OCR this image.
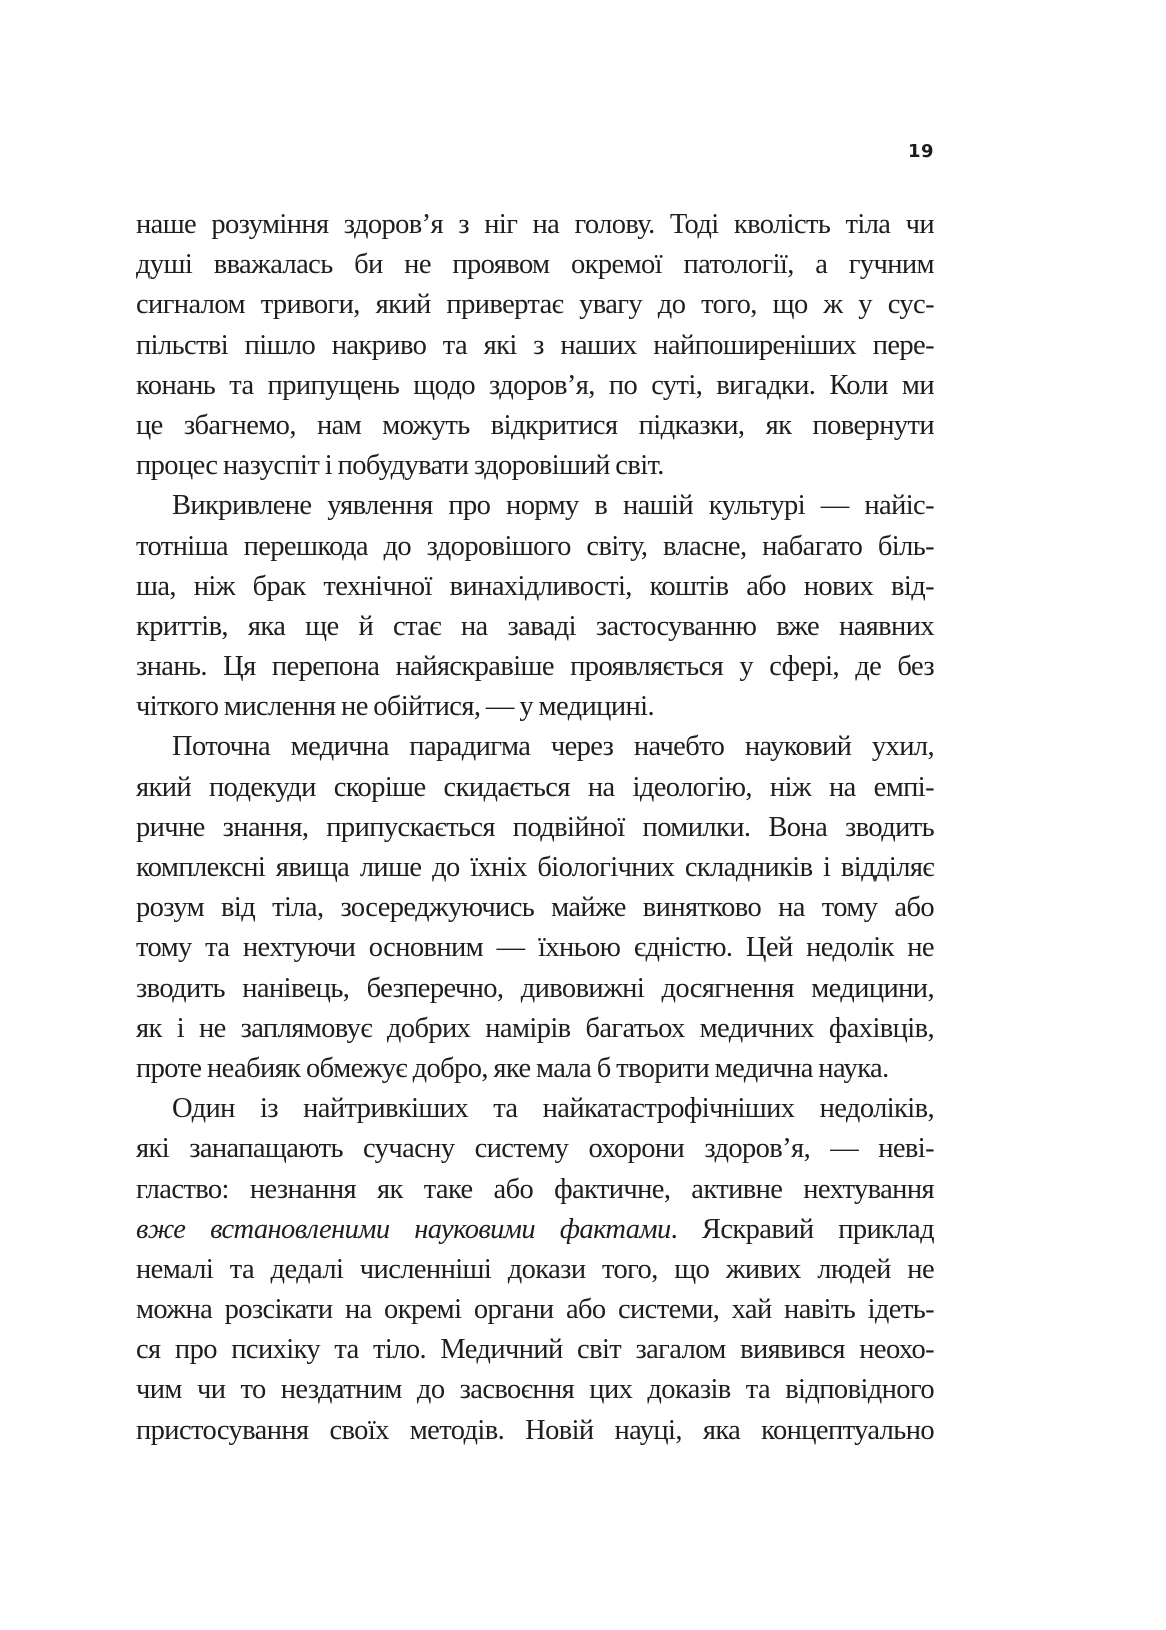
19
наше розуміння здоров’я з ніг на голову. Тоді кволість тіла чи
душі вважалась би не проявом окремої патології, а гучним
сигналом тривоги, який привертає увагу до того, що ж у сус-
пільстві пішло накриво та які з наших найпоширеніших пере-
конань та припущень щодо здоров’я, по суті, вигадки. Коли ми
це збагнемо, нам можуть відкритися підказки, як повернути
процес назуспіт і побудувати здоровіший світ.
Викривлене уявлення про норму в нашій культурі — найіс-
тотніша перешкода до здоровішого світу, власне, набагато біль-
ша, ніж брак технічної винахідливості, коштів або нових від-
криттів, яка ще й стає на заваді застосуванню вже наявних
знань. Ця перепона найяскравіше проявляється у сфері, де без
чіткого мислення не обійтися, — у медицині.
Поточна медична парадигма через начебто науковий ухил,
який подекуди скоріше скидається на ідеологію, ніж на емпі-
ричне знання, припускається подвійної помилки. Вона зводить
комплексні явища лише до їхніх біологічних складників і відділяє
розум від тіла, зосереджуючись майже винятково на тому або
тому та нехтуючи основним — їхньою єдністю. Цей недолік не
зводить нанівець, безперечно, дивовижні досягнення медицини,
як і не заплямовує добрих намірів багатьох медичних фахівців,
проте неабияк обмежує добро, яке мала б творити медична наука.
Один із найтривкіших та найкатастрофічніших недоліків,
які занапащають сучасну систему охорони здоров’я, — неві-
гластво: незнання як таке або фактичне, активне нехтування
вже встановленими науковими фактами. Яскравий приклад
немалі та дедалі численніші докази того, що живих людей не
можна розсікати на окремі органи або системи, хай навіть ідеть-
ся про психіку та тіло. Медичний світ загалом виявився неохо-
чим чи то нездатним до засвоєння цих доказів та відповідного
пристосування своїх методів. Новій науці, яка концептуально
